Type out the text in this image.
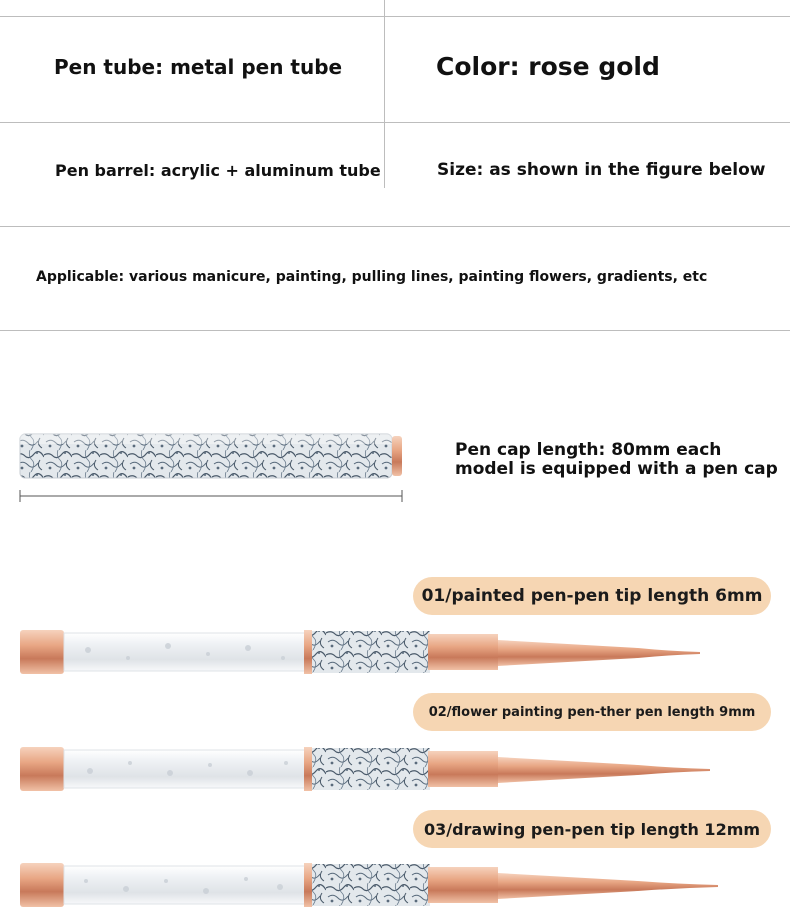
Pen tube: metal pen tube	Color: rose gold
Pen barrel: acrylic + aluminum tube	Size: as shown in the figure below
Applicable: various manicure, painting, pulling lines, painting flowers, gradients, etc
Pen cap length: 80mm each
model is equipped with a pen cap
01/painted pen-pen tip length 6mm
02/flower painting pen-ther pen length 9mm
03/drawing pen-pen tip length 12mm
